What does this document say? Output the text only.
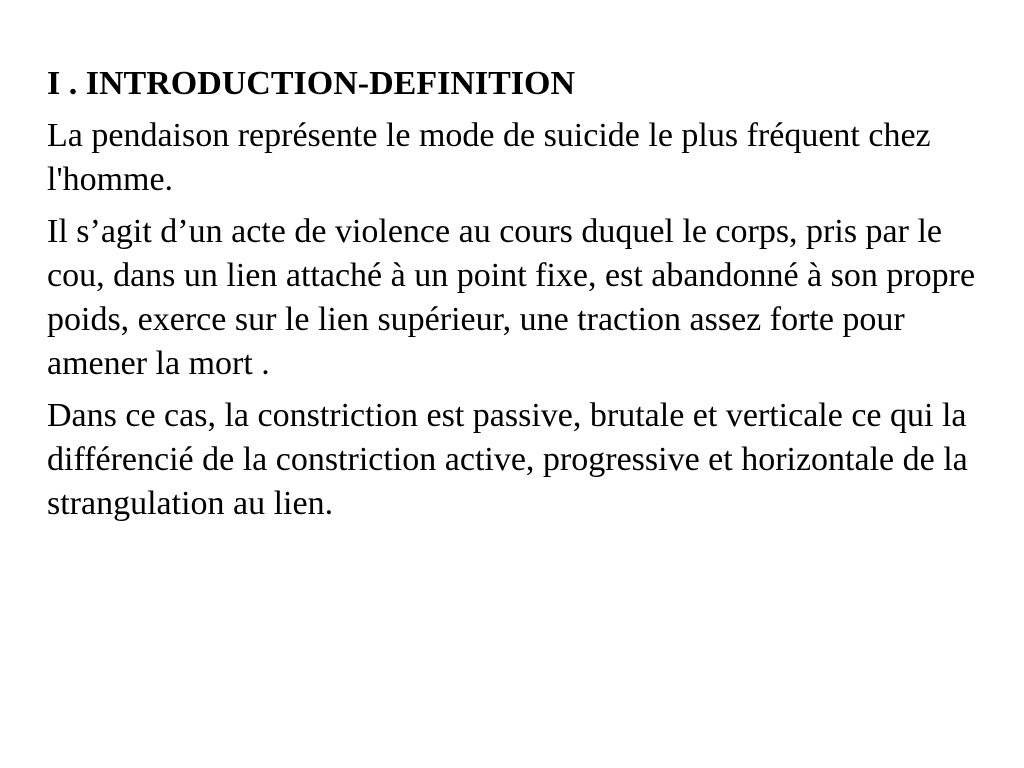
I . INTRODUCTION-DEFINITION
La pendaison représente le mode de suicide le plus fréquent chez l'homme.
Il s’agit d’un acte de violence au cours duquel le corps, pris par le cou, dans un lien attaché à un point fixe, est abandonné à son propre poids, exerce sur le lien supérieur, une traction assez forte pour amener la mort .
Dans ce cas, la constriction est passive, brutale et verticale ce qui la différencié de la constriction active, progressive et horizontale de la strangulation au lien.
